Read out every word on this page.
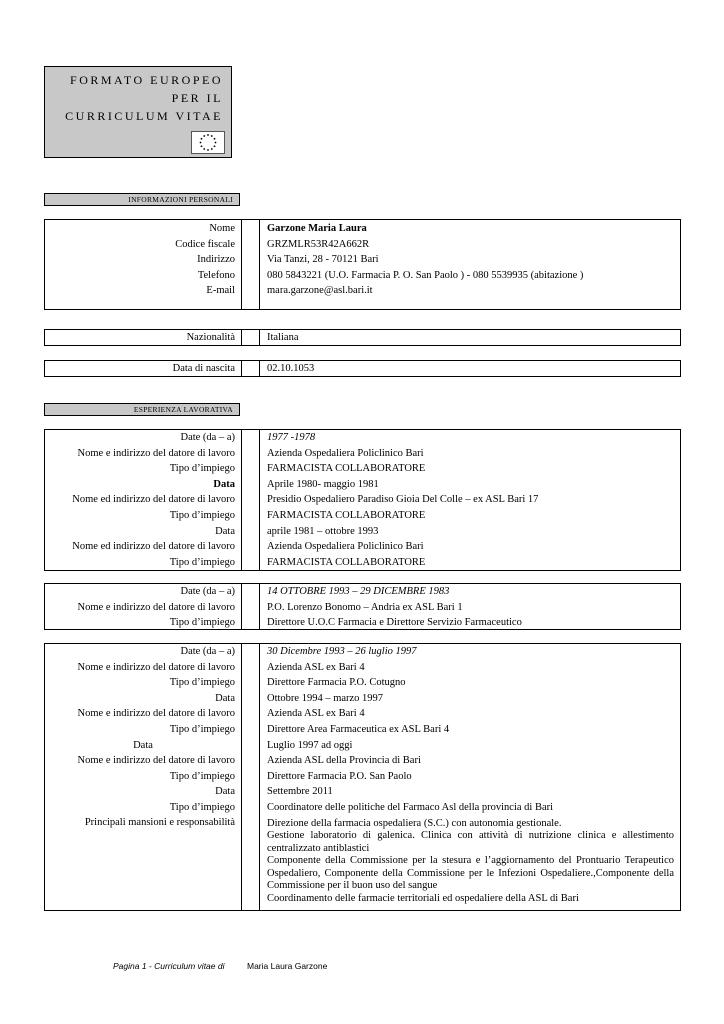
FORMATO EUROPEO
PER IL
CURRICULUM VITAE
INFORMAZIONI PERSONALI
Nome	Garzone Maria Laura
Codice fiscale	GRZMLR53R42A662R
Indirizzo	Via Tanzi, 28 - 70121 Bari
Telefono	080 5843221 (U.O. Farmacia P. O. San Paolo ) - 080 5539935 (abitazione )
E-mail	mara.garzone@asl.bari.it
Nazionalità	Italiana
Data di nascita	02.10.1053
ESPERIENZA LAVORATIVA
Date (da – a)	1977 -1978
Nome e indirizzo del datore di lavoro	Azienda Ospedaliera Policlinico Bari
Tipo d’impiego	FARMACISTA COLLABORATORE
Data	Aprile 1980- maggio 1981
Nome ed indirizzo del datore di lavoro	Presidio Ospedaliero Paradiso Gioia Del Colle – ex ASL Bari 17
Tipo d’impiego	FARMACISTA COLLABORATORE
Data	aprile 1981 – ottobre 1993
Nome ed indirizzo del datore di lavoro	Azienda Ospedaliera Policlinico Bari
Tipo d’impiego	FARMACISTA COLLABORATORE
Date (da – a)	14 OTTOBRE 1993 – 29 DICEMBRE 1983
Nome e indirizzo del datore di lavoro	P.O. Lorenzo Bonomo – Andria ex ASL Bari 1
Tipo d’impiego	Direttore U.O.C Farmacia e Direttore Servizio Farmaceutico
Date (da – a)	30 Dicembre 1993 – 26 luglio 1997
Nome e indirizzo del datore di lavoro	Azienda ASL ex Bari 4
Tipo d’impiego	Direttore Farmacia P.O. Cotugno
Data	Ottobre 1994 – marzo 1997
Nome e indirizzo del datore di lavoro	Azienda ASL ex Bari 4
Tipo d’impiego	Direttore Area Farmaceutica ex ASL Bari 4
Data	Luglio 1997 ad oggi
Nome e indirizzo del datore di lavoro	Azienda ASL della Provincia di Bari
Tipo d’impiego	Direttore Farmacia P.O. San Paolo
Data	Settembre 2011
Tipo d’impiego	Coordinatore delle politiche del Farmaco Asl della provincia di Bari
Principali mansioni e responsabilità	Direzione della farmacia ospedaliera (S.C.) con autonomia gestionale.

Gestione laboratorio di galenica. Clinica con attività di nutrizione clinica e allestimento centralizzato antiblastici

Componente della Commissione per la stesura e l’aggiornamento del Prontuario Terapeutico Ospedaliero, Componente della Commissione per le Infezioni Ospedaliere.,Componente della Commissione per il buon uso del sangue

Coordinamento delle farmacie territoriali ed ospedaliere della ASL di Bari

Pagina 1 - Curriculum vitae di	Maria Laura Garzone
